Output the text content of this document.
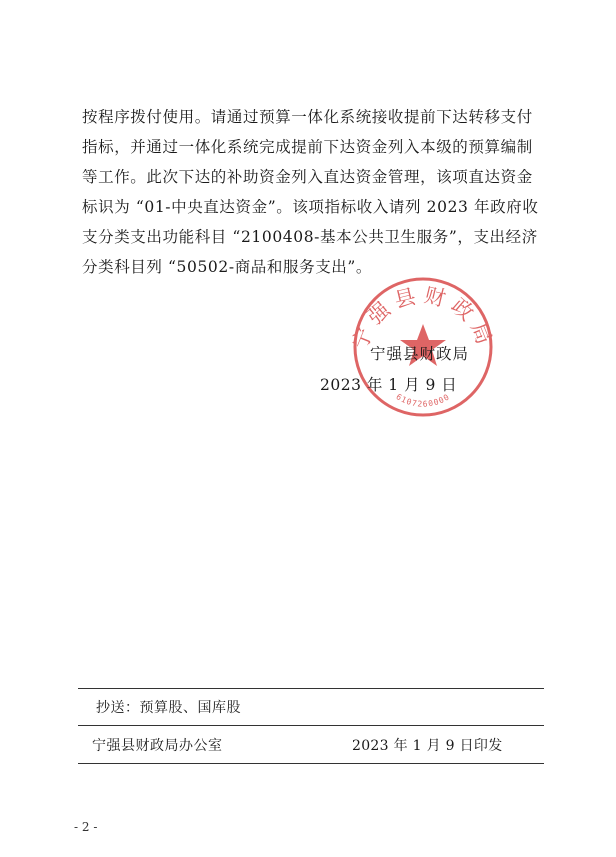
按程序拨付使用。请通过预算一体化系统接收提前下达转移支付

指标，并通过一体化系统完成提前下达资金列入本级的预算编制

等工作。此次下达的补助资金列入直达资金管理，该项直达资金

标识为 “01-中央直达资金”。该项指标收入请列 2023 年政府收

支分类支出功能科目 “2100408-基本公共卫生服务”，支出经济

分类科目列 “50502-商品和服务支出”。

宁强县财政局
6107260000
宁强县财政局
2023 年 1 月 9 日
抄送：预算股、国库股
宁强县财政局办公室	2023 年 1 月 9 日印发
- 2 -
